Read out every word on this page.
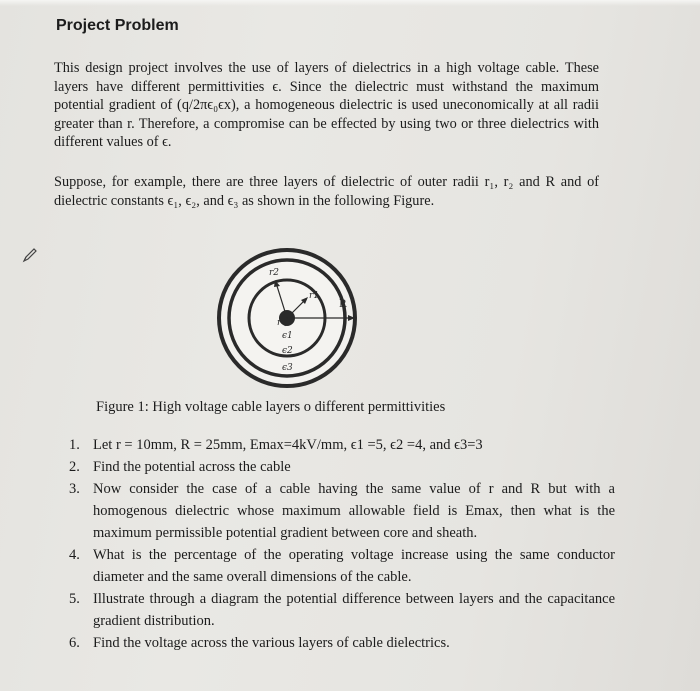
Project Problem

This design project involves the use of layers of dielectrics in a high voltage cable. These layers have different permittivities ϵ. Since the dielectric must withstand the maximum potential gradient of (q/2πϵ₀ϵx), a homogeneous dielectric is used uneconomically at all radii greater than r. Therefore, a compromise can be effected by using two or three dielectrics with different values of ϵ.

Suppose, for example, there are three layers of dielectric of outer radii r₁, r₂ and R and of dielectric constants ϵ₁, ϵ₂, and ϵ₃ as shown in the following Figure.

r2
r1
R
r
ϵ1
ϵ2
ϵ3
Figure 1: High voltage cable layers o different permittivities
1. Let r = 10mm, R = 25mm, Emax=4kV/mm, ϵ1 =5, ϵ2 =4, and ϵ3=3
2. Find the potential across the cable
3. Now consider the case of a cable having the same value of r and R but with a homogenous dielectric whose maximum allowable field is Emax, then what is the maximum permissible potential gradient between core and sheath.
4. What is the percentage of the operating voltage increase using the same conductor diameter and the same overall dimensions of the cable.
5. Illustrate through a diagram the potential difference between layers and the capacitance gradient distribution.
6. Find the voltage across the various layers of cable dielectrics.
